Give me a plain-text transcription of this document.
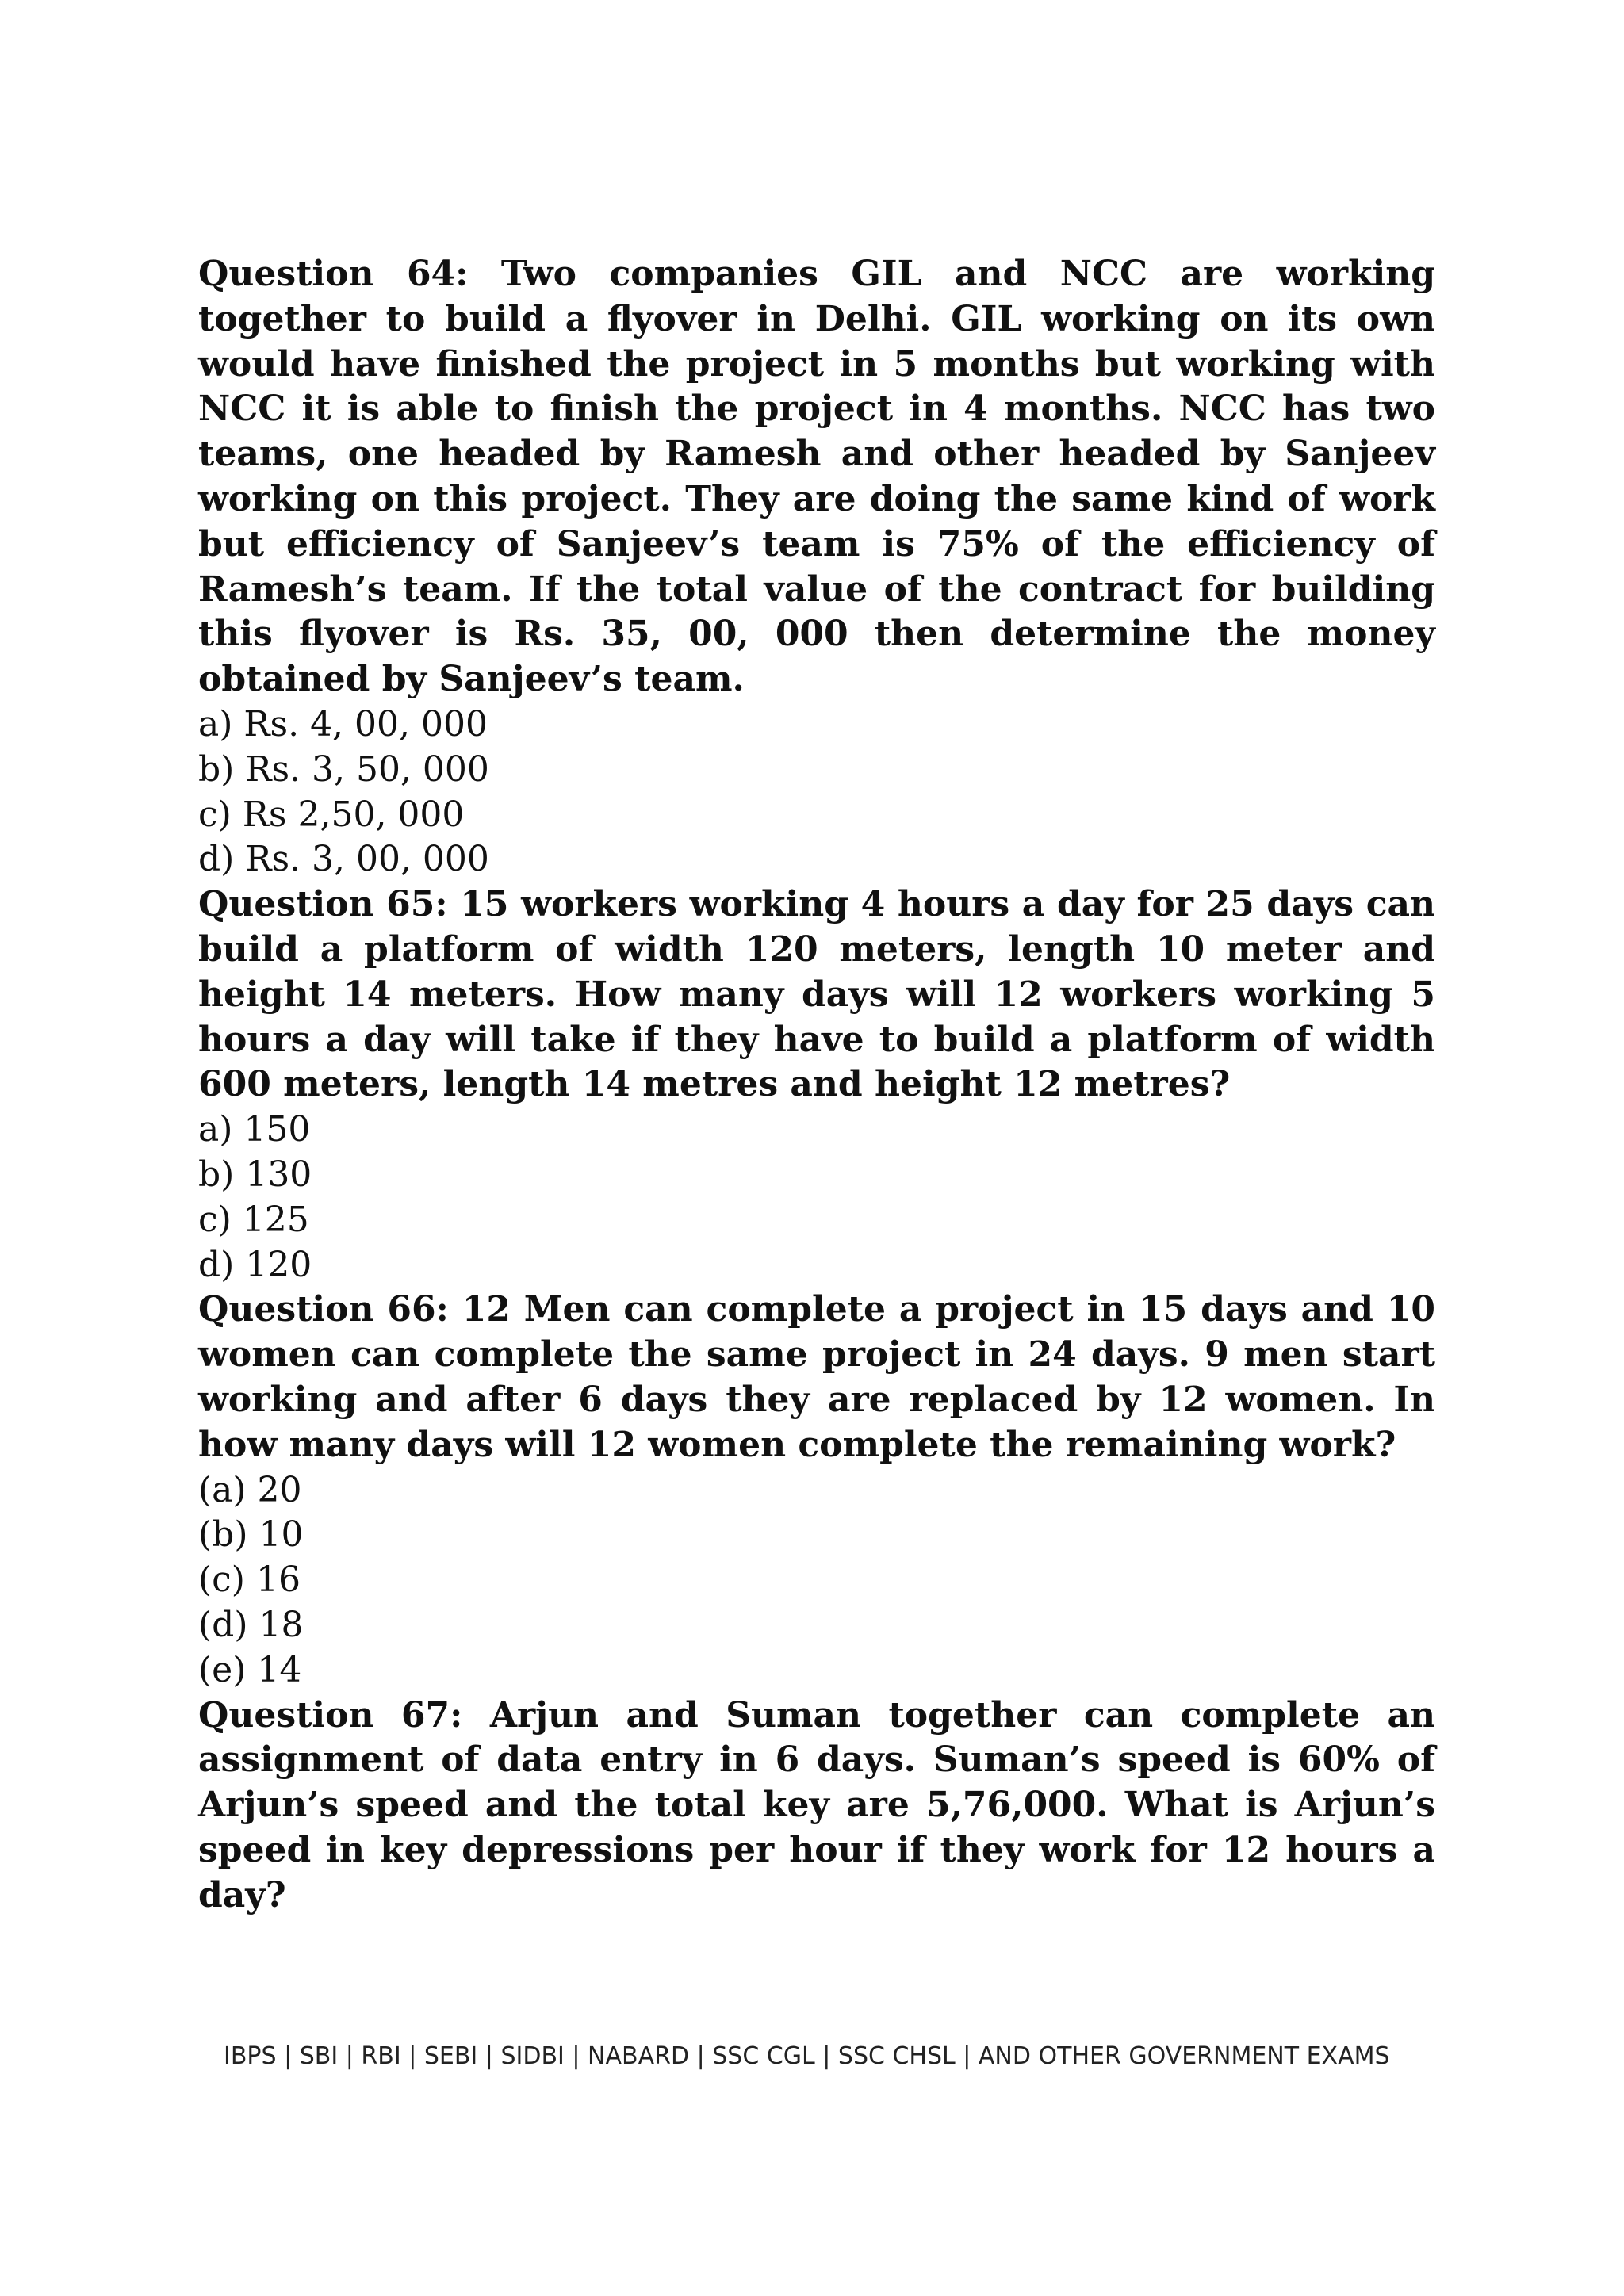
Question 64: Two companies GIL and NCC are working together to build a flyover in Delhi. GIL working on its own would have finished the project in 5 months but working with NCC it is able to finish the project in 4 months. NCC has two teams, one headed by Ramesh and other headed by Sanjeev working on this project. They are doing the same kind of work but efficiency of Sanjeev’s team is 75% of the efficiency of Ramesh’s team. If the total value of the contract for building this flyover is Rs. 35, 00, 000 then determine the money obtained by Sanjeev’s team.

a) Rs. 4, 00, 000
b) Rs. 3, 50, 000
c) Rs 2,50, 000
d) Rs. 3, 00, 000

Question 65: 15 workers working 4 hours a day for 25 days can build a platform of width 120 meters, length 10 meter and height 14 meters. How many days will 12 workers working 5 hours a day will take if they have to build a platform of width 600 meters, length 14 metres and height 12 metres?

a) 150
b) 130
c) 125
d) 120

Question 66: 12 Men can complete a project in 15 days and 10 women can complete the same project in 24 days. 9 men start working and after 6 days they are replaced by 12 women. In how many days will 12 women complete the remaining work?

(a) 20
(b) 10
(c) 16
(d) 18
(e) 14

Question 67: Arjun and Suman together can complete an assignment of data entry in 6 days. Suman’s speed is 60% of Arjun’s speed and the total key are 5,76,000. What is Arjun’s speed in key depressions per hour if they work for 12 hours a day?

IBPS | SBI | RBI | SEBI | SIDBI | NABARD | SSC CGL | SSC CHSL | AND OTHER GOVERNMENT EXAMS
